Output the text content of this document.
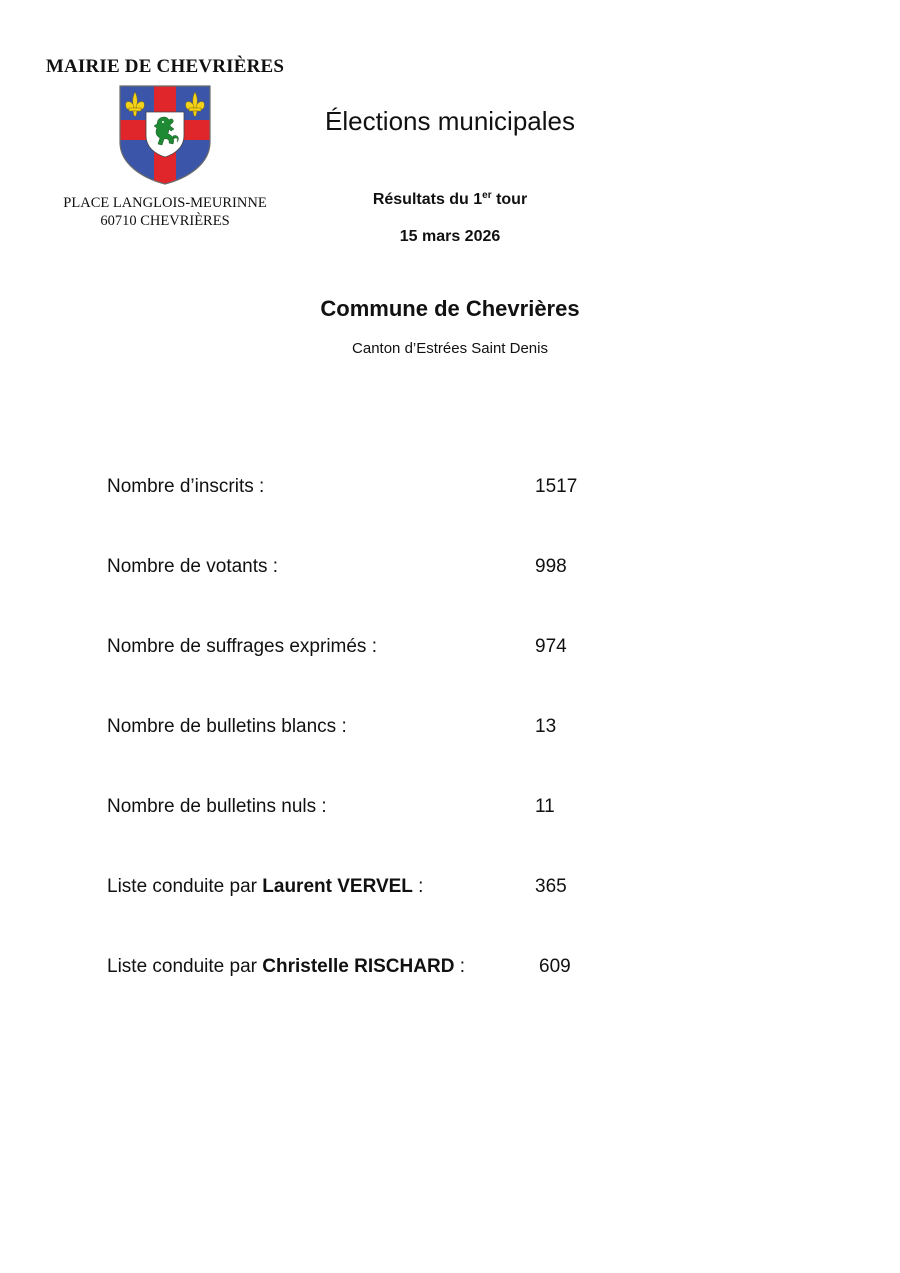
MAIRIE DE CHEVRIÈRES
PLACE LANGLOIS-MEURINNE
60710 CHEVRIÈRES
Élections municipales
Résultats du 1er tour
15 mars 2026
Commune de Chevrières
Canton d’Estrées Saint Denis
Nombre d’inscrits :	1517
Nombre de votants :	998
Nombre de suffrages exprimés :	974
Nombre de bulletins blancs :	13
Nombre de bulletins nuls :	11
Liste conduite par Laurent VERVEL :	365
Liste conduite par Christelle RISCHARD :	609
